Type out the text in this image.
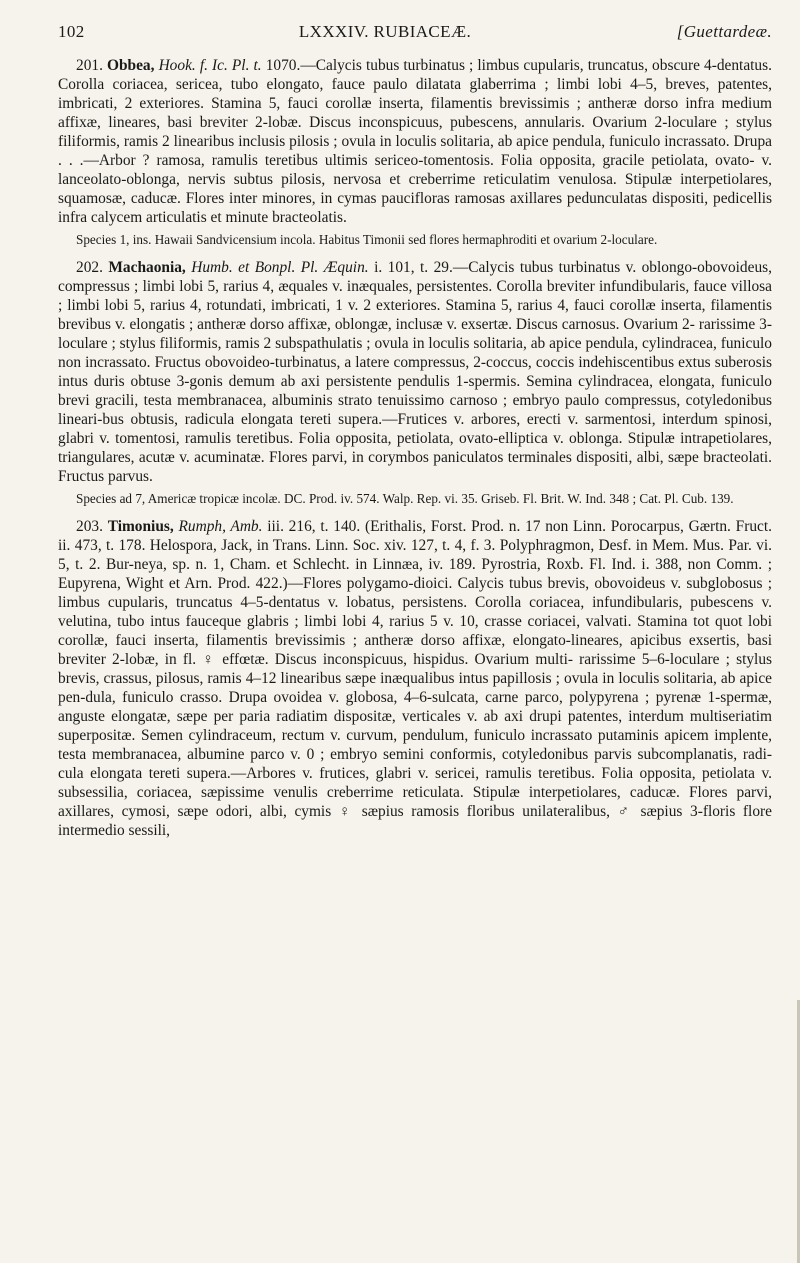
102	LXXXIV. RUBIACEÆ.	[Guettardeæ.

201. Obbea, Hook. f. Ic. Pl. t. 1070.—Calycis tubus turbinatus ; limbus cupularis, truncatus, obscure 4-dentatus. Corolla coriacea, sericea, tubo elongato, fauce paulo dilatata glaberrima ; limbi lobi 4–5, breves, patentes, imbricati, 2 exteriores. Stamina 5, fauci corollæ inserta, filamentis brevissimis ; antheræ dorso infra medium affixæ, lineares, basi breviter 2-lobæ. Discus inconspicuus, pubescens, annularis. Ovarium 2-loculare ; stylus filiformis, ramis 2 linearibus inclusis pilosis ; ovula in loculis solitaria, ab apice pendula, funiculo incrassato. Drupa . . .—Arbor ? ramosa, ramulis teretibus ultimis sericeo-tomentosis. Folia opposita, gracile petiolata, ovato- v. lanceolato-oblonga, nervis subtus pilosis, nervosa et creberrime reticulatim venulosa. Stipulæ interpetiolares, squamosæ, caducæ. Flores inter minores, in cymas paucifloras ramosas axillares pedunculatas dispositi, pedicellis infra calycem articulatis et minute bracteolatis.

Species 1, ins. Hawaii Sandvicensium incola. Habitus Timonii sed flores hermaphroditi et ovarium 2-loculare.

202. Machaonia, Humb. et Bonpl. Pl. Æquin. i. 101, t. 29.—Calycis tubus turbinatus v. oblongo-obovoideus, compressus ; limbi lobi 5, rarius 4, æquales v. inæquales, persistentes. Corolla breviter infundibularis, fauce villosa ; limbi lobi 5, rarius 4, rotundati, imbricati, 1 v. 2 exteriores. Stamina 5, rarius 4, fauci corollæ inserta, filamentis brevibus v. elongatis ; antheræ dorso affixæ, oblongæ, inclusæ v. exsertæ. Discus carnosus. Ovarium 2- rarissime 3-loculare ; stylus filiformis, ramis 2 subspathulatis ; ovula in loculis solitaria, ab apice pendula, cylindracea, funiculo non incrassato. Fructus obovoideo-turbinatus, a latere compressus, 2-coccus, coccis indehiscentibus extus suberosis intus duris obtuse 3-gonis demum ab axi persistente pendulis 1-spermis. Semina cylindracea, elongata, funiculo brevi gracili, testa membranacea, albuminis strato tenuissimo carnoso ; embryo paulo compressus, cotyledonibus lineari-bus obtusis, radicula elongata tereti supera.—Frutices v. arbores, erecti v. sarmentosi, interdum spinosi, glabri v. tomentosi, ramulis teretibus. Folia opposita, petiolata, ovato-elliptica v. oblonga. Stipulæ intrapetiolares, triangulares, acutæ v. acuminatæ. Flores parvi, in corymbos paniculatos terminales dispositi, albi, sæpe bracteolati. Fructus parvus.

Species ad 7, Americæ tropicæ incolæ. DC. Prod. iv. 574. Walp. Rep. vi. 35. Griseb. Fl. Brit. W. Ind. 348 ; Cat. Pl. Cub. 139.

203. Timonius, Rumph, Amb. iii. 216, t. 140. (Erithalis, Forst. Prod. n. 17 non Linn. Porocarpus, Gærtn. Fruct. ii. 473, t. 178. Helospora, Jack, in Trans. Linn. Soc. xiv. 127, t. 4, f. 3. Polyphragmon, Desf. in Mem. Mus. Par. vi. 5, t. 2. Bur-neya, sp. n. 1, Cham. et Schlecht. in Linnæa, iv. 189. Pyrostria, Roxb. Fl. Ind. i. 388, non Comm. ; Eupyrena, Wight et Arn. Prod. 422.)—Flores polygamo-dioici. Calycis tubus brevis, obovoideus v. subglobosus ; limbus cupularis, truncatus 4–5-dentatus v. lobatus, persistens. Corolla coriacea, infundibularis, pubescens v. velutina, tubo intus fauceque glabris ; limbi lobi 4, rarius 5 v. 10, crasse coriacei, valvati. Stamina tot quot lobi corollæ, fauci inserta, filamentis brevissimis ; antheræ dorso affixæ, elongato-lineares, apicibus exsertis, basi breviter 2-lobæ, in fl. ♀ effœtæ. Discus inconspicuus, hispidus. Ovarium multi- rarissime 5–6-loculare ; stylus brevis, crassus, pilosus, ramis 4–12 linearibus sæpe inæqualibus intus papillosis ; ovula in loculis solitaria, ab apice pen-dula, funiculo crasso. Drupa ovoidea v. globosa, 4–6-sulcata, carne parco, polypyrena ; pyrenæ 1-spermæ, anguste elongatæ, sæpe per paria radiatim dispositæ, verticales v. ab axi drupi patentes, interdum multiseriatim superpositæ. Semen cylindraceum, rectum v. curvum, pendulum, funiculo incrassato putaminis apicem implente, testa membranacea, albumine parco v. 0 ; embryo semini conformis, cotyledonibus parvis subcomplanatis, radi-cula elongata tereti supera.—Arbores v. frutices, glabri v. sericei, ramulis teretibus. Folia opposita, petiolata v. subsessilia, coriacea, sæpissime venulis creberrime reticulata. Stipulæ interpetiolares, caducæ. Flores parvi, axillares, cymosi, sæpe odori, albi, cymis ♀ sæpius ramosis floribus unilateralibus, ♂ sæpius 3-floris flore intermedio sessili,
